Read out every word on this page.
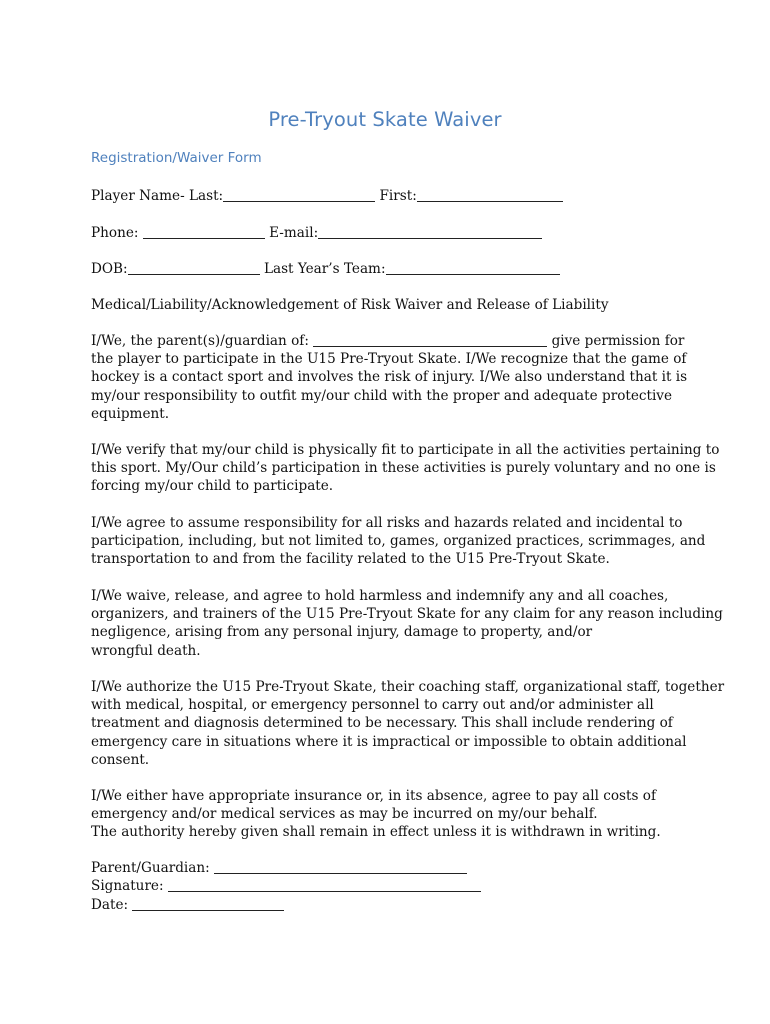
Pre-Tryout Skate Waiver
Registration/Waiver Form
Player Name- Last:	First:
Phone:	E-mail:
DOB:	Last Year’s Team:
Medical/Liability/Acknowledgement of Risk Waiver and Release of Liability
I/We, the parent(s)/guardian of:	give permission for
the player to participate in the U15 Pre-Tryout Skate. I/We recognize that the game of
hockey is a contact sport and involves the risk of injury. I/We also understand that it is
my/our responsibility to outfit my/our child with the proper and adequate protective
equipment.
I/We verify that my/our child is physically fit to participate in all the activities pertaining to
this sport. My/Our child’s participation in these activities is purely voluntary and no one is
forcing my/our child to participate.
I/We agree to assume responsibility for all risks and hazards related and incidental to
participation, including, but not limited to, games, organized practices, scrimmages, and
transportation to and from the facility related to the U15 Pre-Tryout Skate.
I/We waive, release, and agree to hold harmless and indemnify any and all coaches,
organizers, and trainers of the U15 Pre-Tryout Skate for any claim for any reason including
negligence, arising from any personal injury, damage to property, and/or
wrongful death.
I/We authorize the U15 Pre-Tryout Skate, their coaching staff, organizational staff, together
with medical, hospital, or emergency personnel to carry out and/or administer all
treatment and diagnosis determined to be necessary. This shall include rendering of
emergency care in situations where it is impractical or impossible to obtain additional
consent.
I/We either have appropriate insurance or, in its absence, agree to pay all costs of
emergency and/or medical services as may be incurred on my/our behalf.
The authority hereby given shall remain in effect unless it is withdrawn in writing.
Parent/Guardian:
Signature:
Date:
